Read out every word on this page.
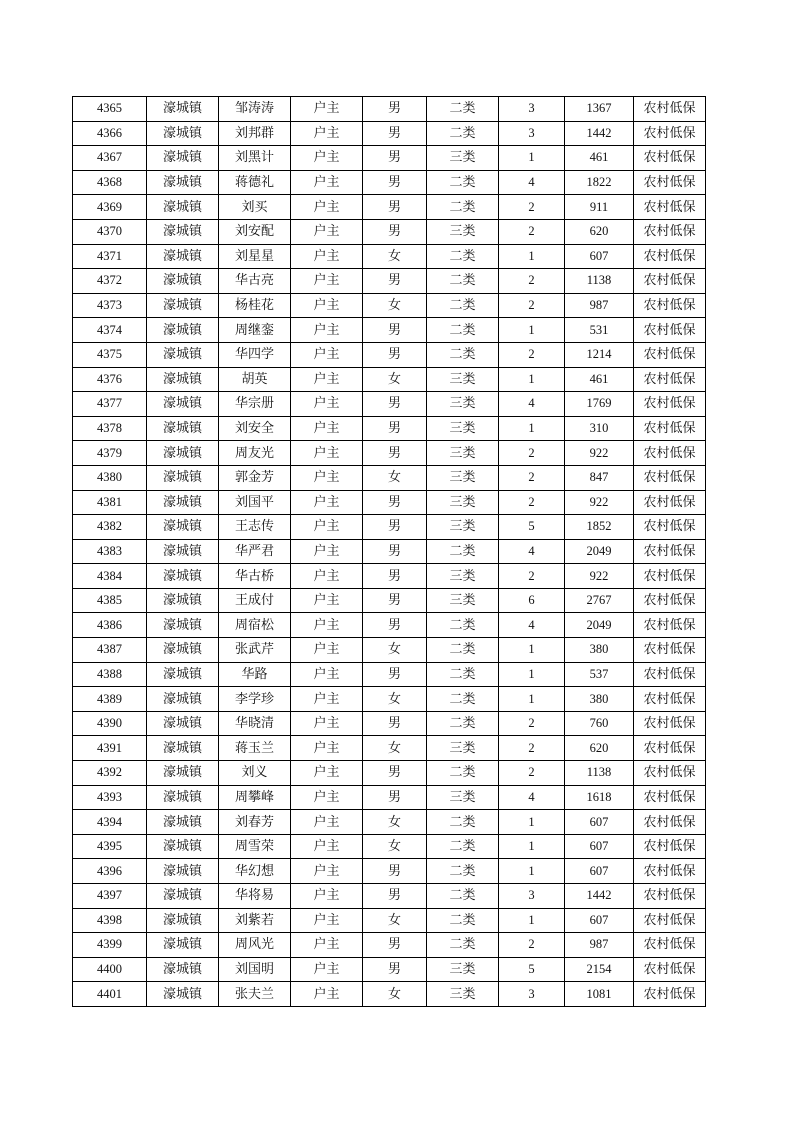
4365	濠城镇	邹涛涛	户主	男	二类	3	1367	农村低保
4366	濠城镇	刘邦群	户主	男	二类	3	1442	农村低保
4367	濠城镇	刘黑计	户主	男	三类	1	461	农村低保
4368	濠城镇	蒋德礼	户主	男	二类	4	1822	农村低保
4369	濠城镇	刘买	户主	男	二类	2	911	农村低保
4370	濠城镇	刘安配	户主	男	三类	2	620	农村低保
4371	濠城镇	刘星星	户主	女	二类	1	607	农村低保
4372	濠城镇	华古亮	户主	男	二类	2	1138	农村低保
4373	濠城镇	杨桂花	户主	女	二类	2	987	农村低保
4374	濠城镇	周继銮	户主	男	二类	1	531	农村低保
4375	濠城镇	华四学	户主	男	二类	2	1214	农村低保
4376	濠城镇	胡英	户主	女	三类	1	461	农村低保
4377	濠城镇	华宗册	户主	男	三类	4	1769	农村低保
4378	濠城镇	刘安全	户主	男	三类	1	310	农村低保
4379	濠城镇	周友光	户主	男	三类	2	922	农村低保
4380	濠城镇	郭金芳	户主	女	三类	2	847	农村低保
4381	濠城镇	刘国平	户主	男	三类	2	922	农村低保
4382	濠城镇	王志传	户主	男	三类	5	1852	农村低保
4383	濠城镇	华严君	户主	男	二类	4	2049	农村低保
4384	濠城镇	华古桥	户主	男	三类	2	922	农村低保
4385	濠城镇	王成付	户主	男	三类	6	2767	农村低保
4386	濠城镇	周宿松	户主	男	二类	4	2049	农村低保
4387	濠城镇	张武芹	户主	女	二类	1	380	农村低保
4388	濠城镇	华路	户主	男	二类	1	537	农村低保
4389	濠城镇	李学珍	户主	女	二类	1	380	农村低保
4390	濠城镇	华晓清	户主	男	二类	2	760	农村低保
4391	濠城镇	蒋玉兰	户主	女	三类	2	620	农村低保
4392	濠城镇	刘义	户主	男	二类	2	1138	农村低保
4393	濠城镇	周攀峰	户主	男	三类	4	1618	农村低保
4394	濠城镇	刘春芳	户主	女	二类	1	607	农村低保
4395	濠城镇	周雪荣	户主	女	二类	1	607	农村低保
4396	濠城镇	华幻想	户主	男	二类	1	607	农村低保
4397	濠城镇	华将易	户主	男	二类	3	1442	农村低保
4398	濠城镇	刘紫若	户主	女	二类	1	607	农村低保
4399	濠城镇	周风光	户主	男	二类	2	987	农村低保
4400	濠城镇	刘国明	户主	男	三类	5	2154	农村低保
4401	濠城镇	张夫兰	户主	女	三类	3	1081	农村低保
